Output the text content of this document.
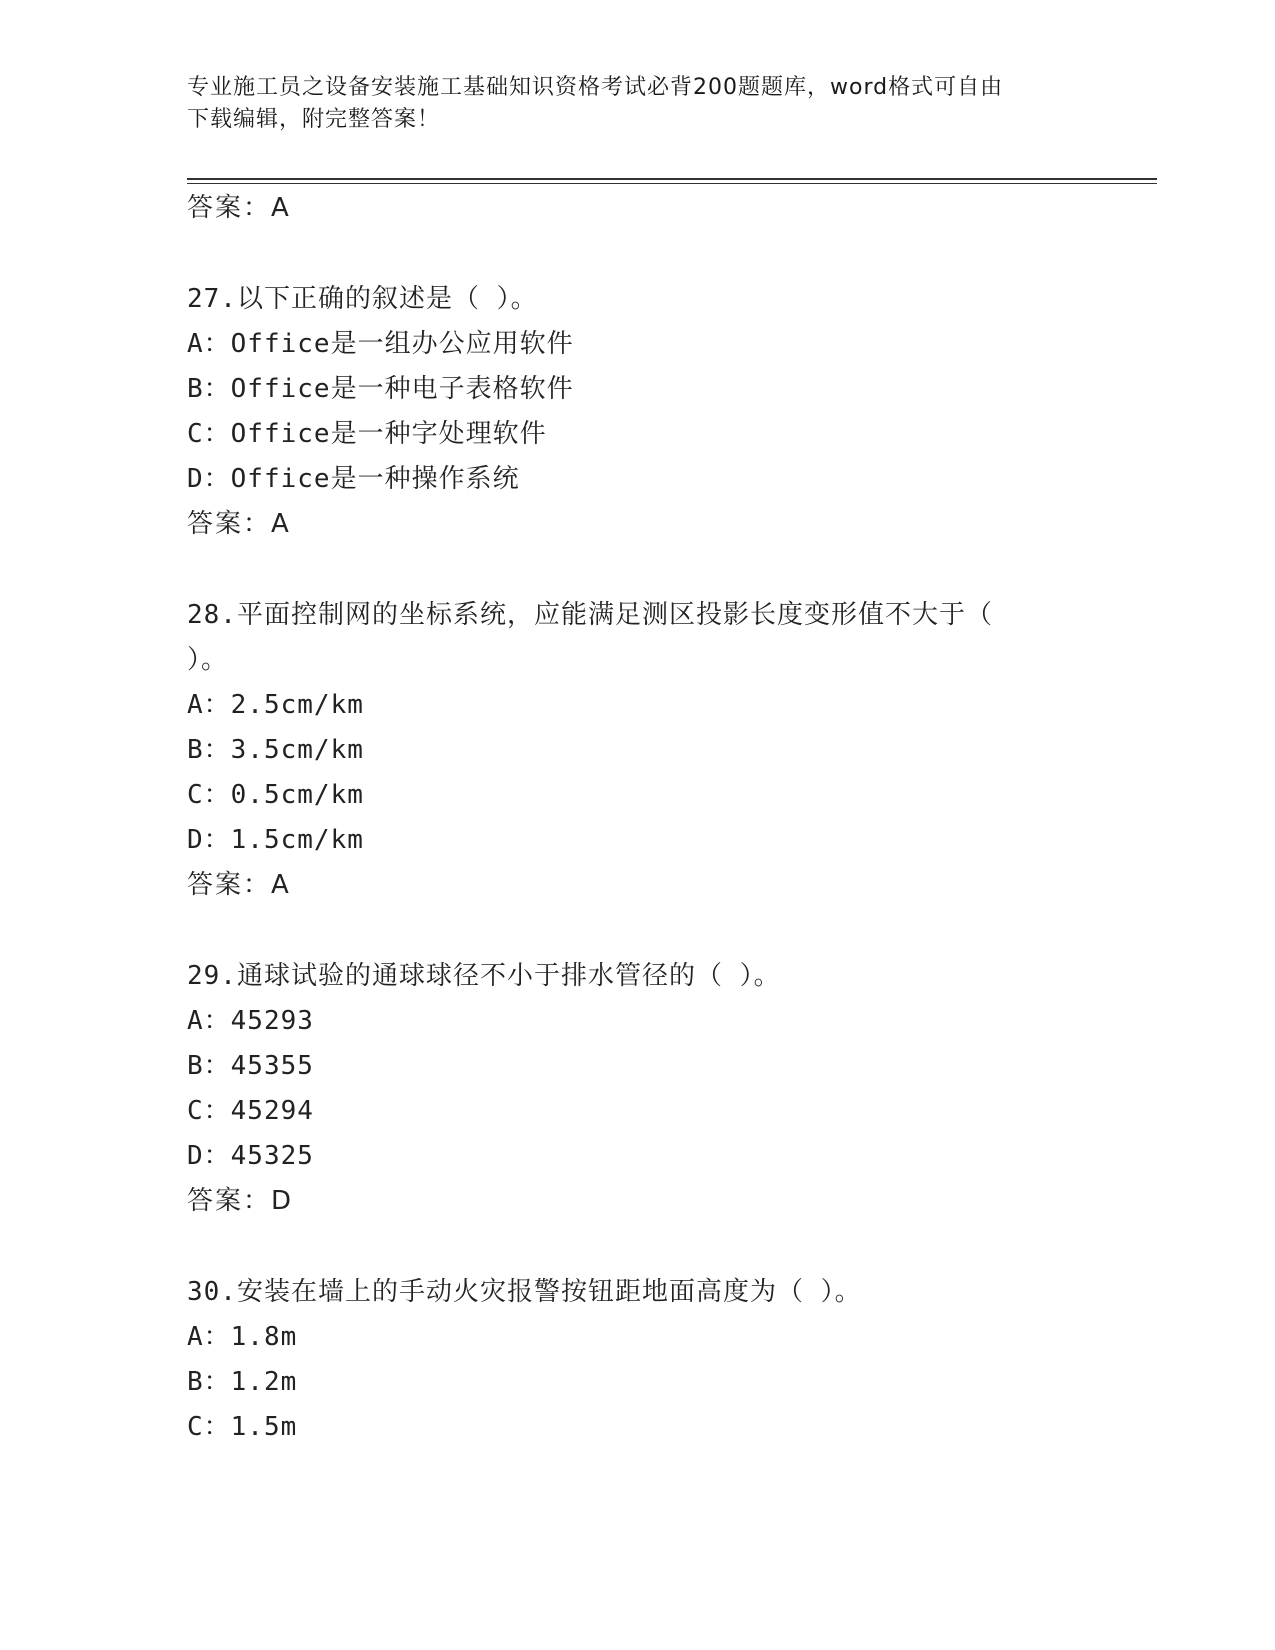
专业施工员之设备安装施工基础知识资格考试必背200题题库，word格式可自由
下载编辑，附完整答案！
答案：A
27.以下正确的叙述是（ ）。
A：Office是一组办公应用软件
B：Office是一种电子表格软件
C：Office是一种字处理软件
D：Office是一种操作系统
答案：A
28.平面控制网的坐标系统，应能满足测区投影长度变形值不大于（
）。
A：2.5cm/km
B：3.5cm/km
C：0.5cm/km
D：1.5cm/km
答案：A
29.通球试验的通球球径不小于排水管径的（ ）。
A：45293
B：45355
C：45294
D：45325
答案：D
30.安装在墙上的手动火灾报警按钮距地面高度为（ ）。
A：1.8m
B：1.2m
C：1.5m
